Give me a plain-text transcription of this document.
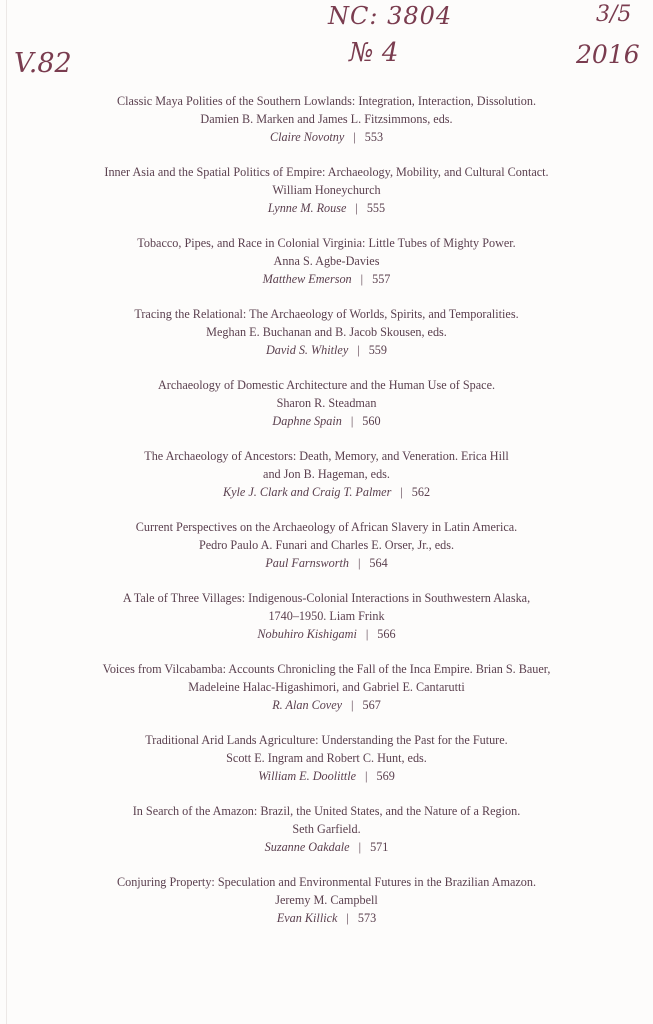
V.82
NC: 3804
№ 4
3/5
2016
Classic Maya Polities of the Southern Lowlands: Integration, Interaction, Dissolution.
Damien B. Marken and James L. Fitzsimmons, eds.
Claire Novotny | 553
Inner Asia and the Spatial Politics of Empire: Archaeology, Mobility, and Cultural Contact.
William Honeychurch
Lynne M. Rouse | 555
Tobacco, Pipes, and Race in Colonial Virginia: Little Tubes of Mighty Power.
Anna S. Agbe-Davies
Matthew Emerson | 557
Tracing the Relational: The Archaeology of Worlds, Spirits, and Temporalities.
Meghan E. Buchanan and B. Jacob Skousen, eds.
David S. Whitley | 559
Archaeology of Domestic Architecture and the Human Use of Space.
Sharon R. Steadman
Daphne Spain | 560
The Archaeology of Ancestors: Death, Memory, and Veneration. Erica Hill
and Jon B. Hageman, eds.
Kyle J. Clark and Craig T. Palmer | 562
Current Perspectives on the Archaeology of African Slavery in Latin America.
Pedro Paulo A. Funari and Charles E. Orser, Jr., eds.
Paul Farnsworth | 564
A Tale of Three Villages: Indigenous-Colonial Interactions in Southwestern Alaska,
1740–1950. Liam Frink
Nobuhiro Kishigami | 566
Voices from Vilcabamba: Accounts Chronicling the Fall of the Inca Empire. Brian S. Bauer,
Madeleine Halac-Higashimori, and Gabriel E. Cantarutti
R. Alan Covey | 567
Traditional Arid Lands Agriculture: Understanding the Past for the Future.
Scott E. Ingram and Robert C. Hunt, eds.
William E. Doolittle | 569
In Search of the Amazon: Brazil, the United States, and the Nature of a Region.
Seth Garfield.
Suzanne Oakdale | 571
Conjuring Property: Speculation and Environmental Futures in the Brazilian Amazon.
Jeremy M. Campbell
Evan Killick | 573
